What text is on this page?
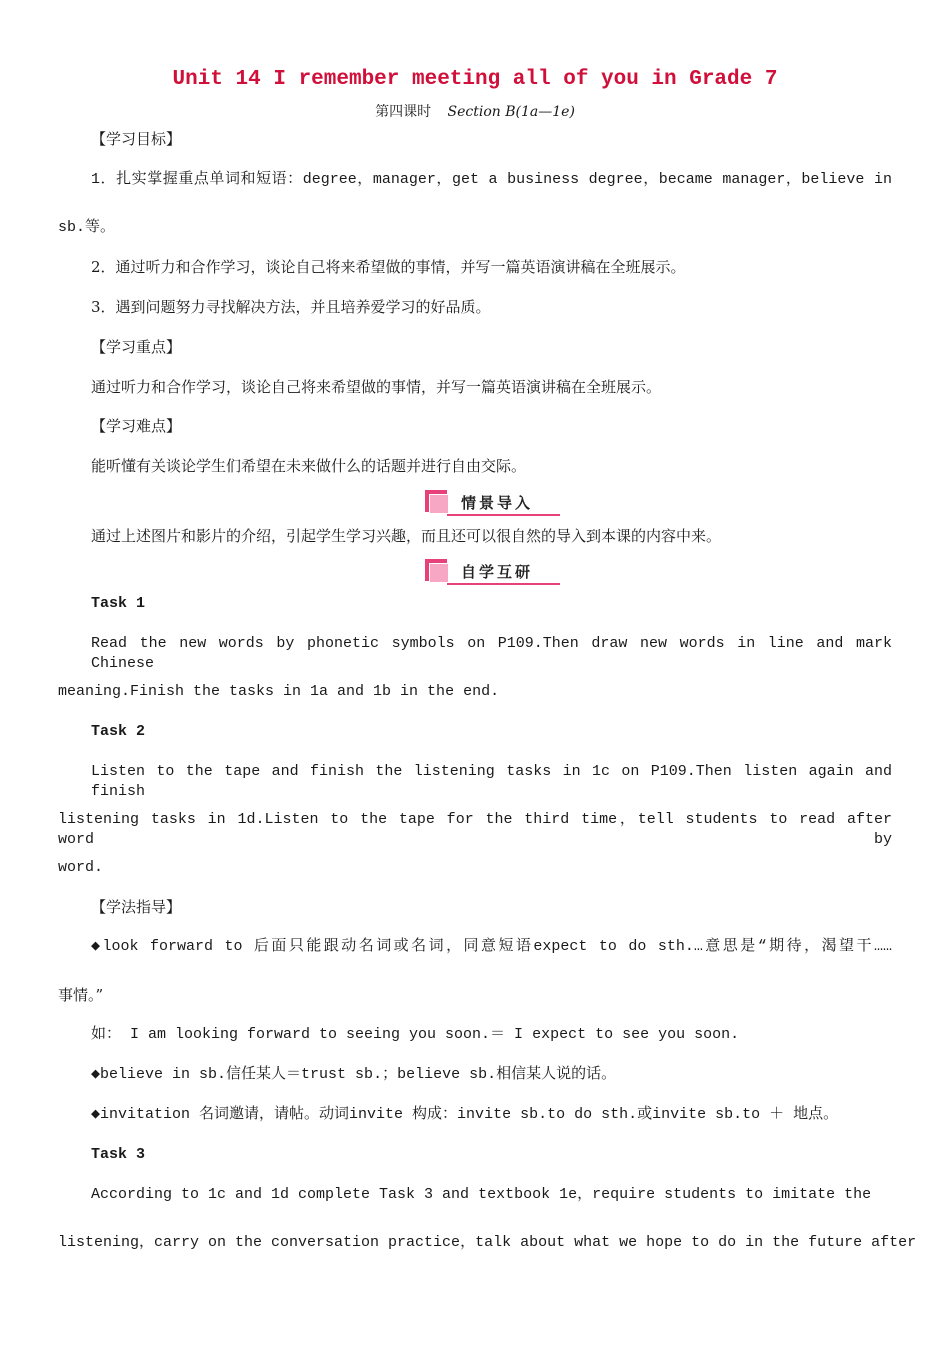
Unit 14 I remember meeting all of you in Grade 7
第四课时 Section B(1a—1e)
【学习目标】
1．扎实掌握重点单词和短语：degree，manager，get a business degree，became manager，believe in
sb.等。
2．通过听力和合作学习，谈论自己将来希望做的事情，并写一篇英语演讲稿在全班展示。
3．遇到问题努力寻找解决方法，并且培养爱学习的好品质。
【学习重点】
通过听力和合作学习，谈论自己将来希望做的事情，并写一篇英语演讲稿在全班展示。
【学习难点】
能听懂有关谈论学生们希望在未来做什么的话题并进行自由交际。
情景导入
通过上述图片和影片的介绍，引起学生学习兴趣，而且还可以很自然的导入到本课的内容中来。
自学互研
Task 1
Read the new words by phonetic symbols on P109.Then draw new words in line and mark Chinese
meaning.Finish the tasks in 1a and 1b in the end.
Task 2
Listen to the tape and finish the listening tasks in 1c on P109.Then listen again and finish
listening tasks in 1d.Listen to the tape for the third time，tell students to read after word by
word.
【学法指导】
◆look forward to 后面只能跟动名词或名词，同意短语expect to do sth.…意思是“期待，渴望干……
事情。”
如： I am looking forward to seeing you soon.＝ I expect to see you soon.
◆believe in sb.信任某人＝trust sb.；believe sb.相信某人说的话。
◆invitation 名词邀请，请帖。动词invite 构成：invite sb.to do sth.或invite sb.to ＋ 地点。
Task 3
According to 1c and 1d complete Task 3 and textbook 1e，require students to imitate the
listening，carry on the conversation practice，talk about what we hope to do in the future after
